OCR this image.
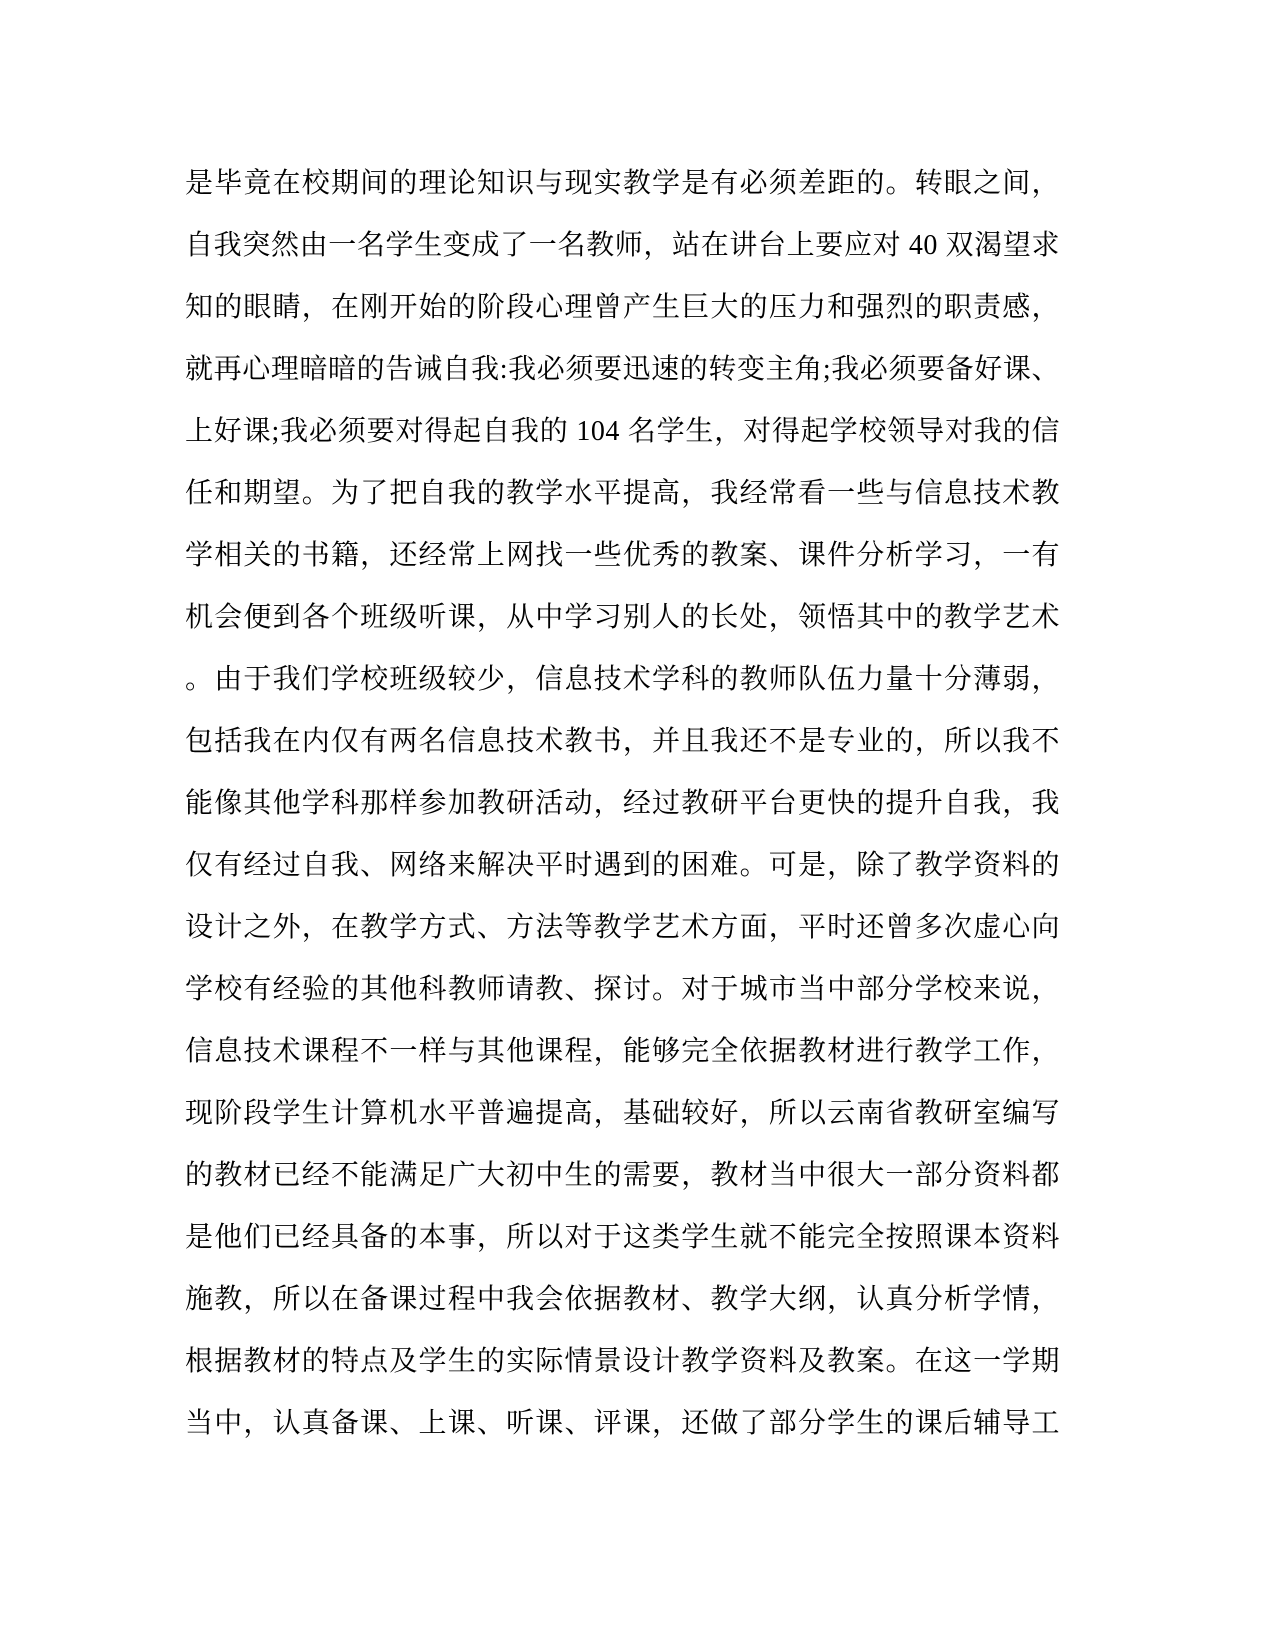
是毕竟在校期间的理论知识与现实教学是有必须差距的。转眼之间，
自我突然由一名学生变成了一名教师，站在讲台上要应对 40 双渴望求
知的眼睛，在刚开始的阶段心理曾产生巨大的压力和强烈的职责感，
就再心理暗暗的告诫自我:我必须要迅速的转变主角;我必须要备好课、
上好课;我必须要对得起自我的 104 名学生，对得起学校领导对我的信
任和期望。为了把自我的教学水平提高，我经常看一些与信息技术教
学相关的书籍，还经常上网找一些优秀的教案、课件分析学习，一有
机会便到各个班级听课，从中学习别人的长处，领悟其中的教学艺术
。由于我们学校班级较少，信息技术学科的教师队伍力量十分薄弱，
包括我在内仅有两名信息技术教书，并且我还不是专业的，所以我不
能像其他学科那样参加教研活动，经过教研平台更快的提升自我，我
仅有经过自我、网络来解决平时遇到的困难。可是，除了教学资料的
设计之外，在教学方式、方法等教学艺术方面，平时还曾多次虚心向
学校有经验的其他科教师请教、探讨。对于城市当中部分学校来说，
信息技术课程不一样与其他课程，能够完全依据教材进行教学工作，
现阶段学生计算机水平普遍提高，基础较好，所以云南省教研室编写
的教材已经不能满足广大初中生的需要，教材当中很大一部分资料都
是他们已经具备的本事，所以对于这类学生就不能完全按照课本资料
施教，所以在备课过程中我会依据教材、教学大纲，认真分析学情，
根据教材的特点及学生的实际情景设计教学资料及教案。在这一学期
当中，认真备课、上课、听课、评课，还做了部分学生的课后辅导工
